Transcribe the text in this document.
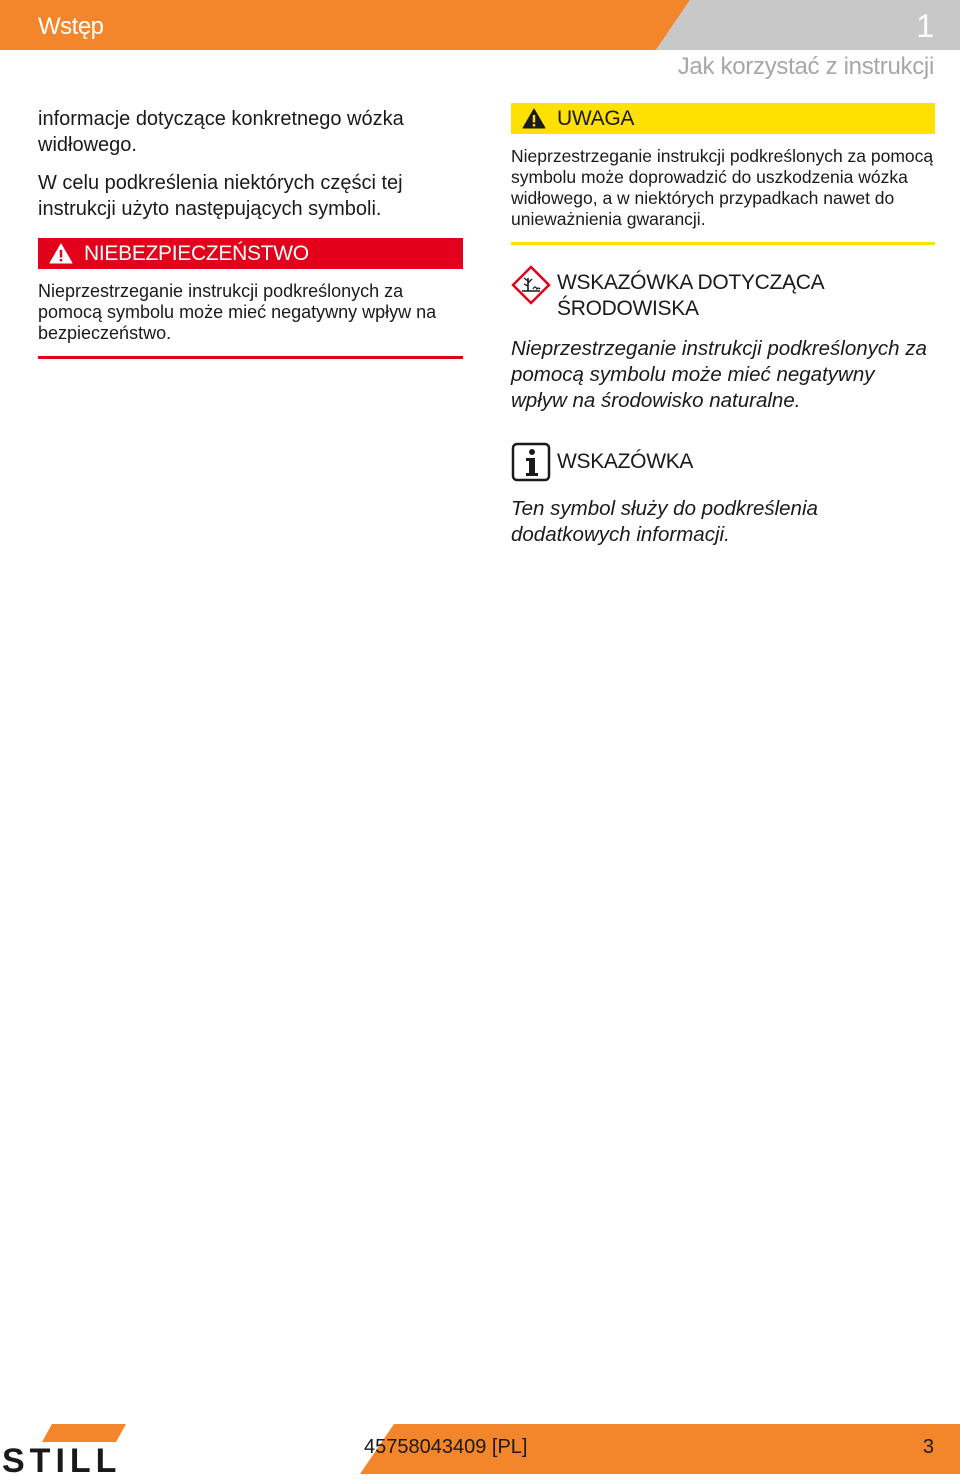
Wstęp	1
Jak korzystać z instrukcji

informacje dotyczące konkretnego wózka widłowego.

W celu podkreślenia niektórych części tej instrukcji użyto następujących symboli.

NIEBEZPIECZEŃSTWO

Nieprzestrzeganie instrukcji podkreślonych za pomocą symbolu może mieć negatywny wpływ na bezpieczeństwo.

UWAGA

Nieprzestrzeganie instrukcji podkreślonych za pomocą symbolu może doprowadzić do uszkodzenia wózka widłowego, a w niektórych przypadkach nawet do unieważnienia gwarancji.

WSKAZÓWKA DOTYCZĄCA ŚRODOWISKA

Nieprzestrzeganie instrukcji podkreślonych za pomocą symbolu może mieć negatywny wpływ na środowisko naturalne.

WSKAZÓWKA

Ten symbol służy do podkreślenia dodatkowych informacji.

STILL	45758043409 [PL]	3
